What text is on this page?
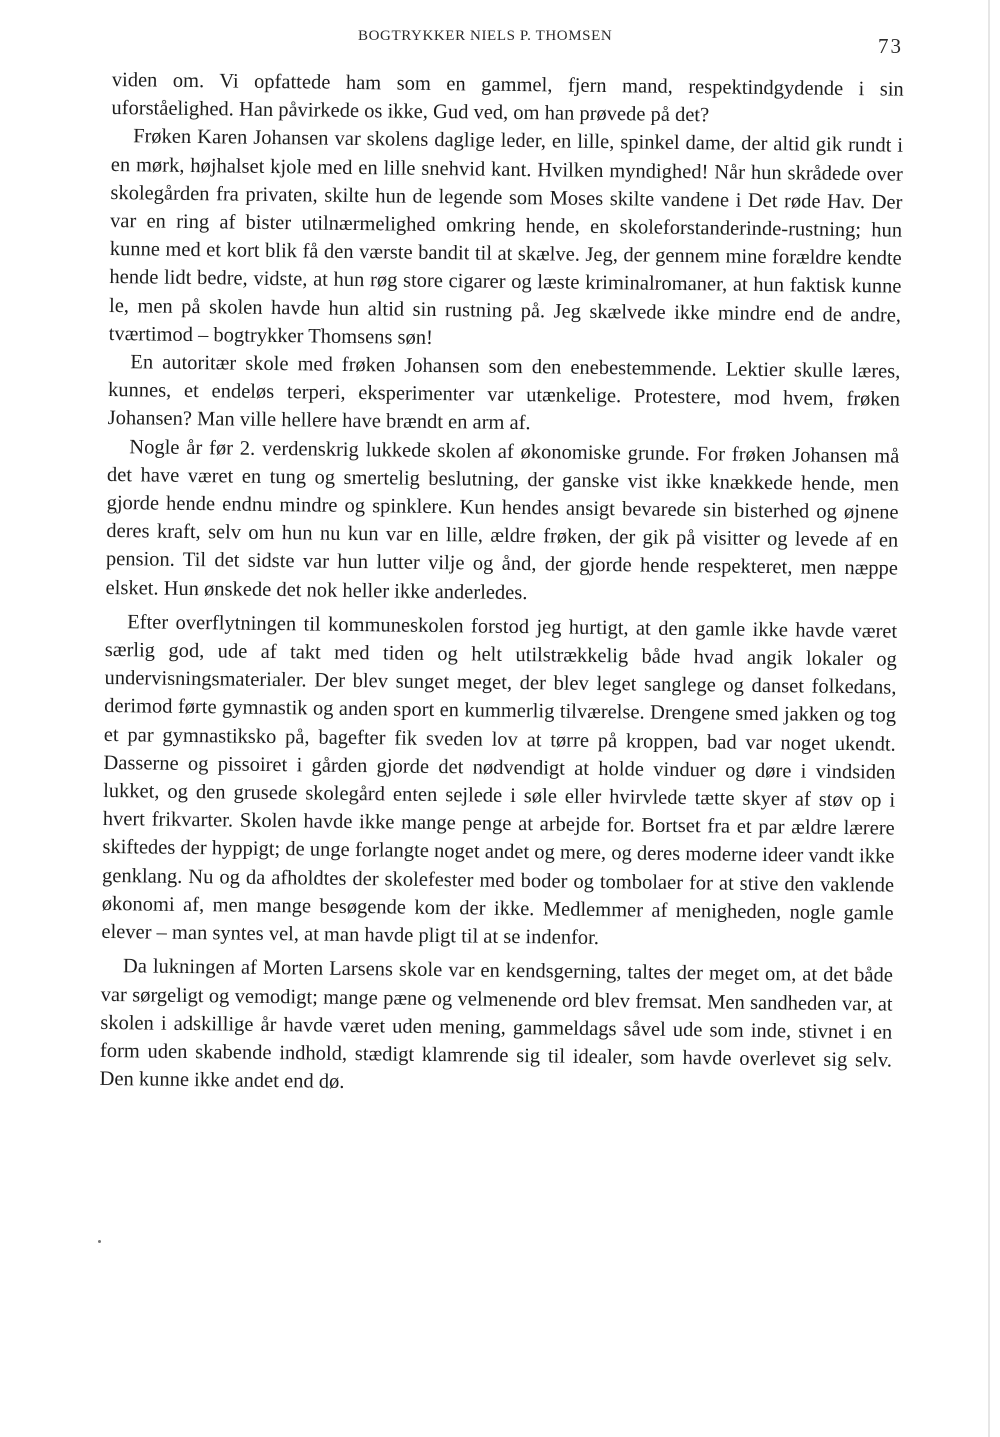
BOGTRYKKER NIELS P. THOMSEN	73

viden om. Vi opfattede ham som en gammel, fjern mand, respektindgydende i sin uforståelighed. Han påvirkede os ikke, Gud ved, om han prøvede på det?

Frøken Karen Johansen var skolens daglige leder, en lille, spinkel dame, der altid gik rundt i en mørk, højhalset kjole med en lille snehvid kant. Hvilken myndighed! Når hun skrådede over skolegården fra privaten, skilte hun de legende som Moses skilte vandene i Det røde Hav. Der var en ring af bister utilnærmelighed omkring hende, en skoleforstanderinde-rustning; hun kunne med et kort blik få den værste bandit til at skælve. Jeg, der gennem mine forældre kendte hende lidt bedre, vidste, at hun røg store cigarer og læste kriminalromaner, at hun faktisk kunne le, men på skolen havde hun altid sin rustning på. Jeg skælvede ikke mindre end de andre, tværtimod – bogtrykker Thomsens søn!

En autoritær skole med frøken Johansen som den enebestemmende. Lektier skulle læres, kunnes, et endeløs terperi, eksperimenter var utænkelige. Protestere, mod hvem, frøken Johansen? Man ville hellere have brændt en arm af.

Nogle år før 2. verdenskrig lukkede skolen af økonomiske grunde. For frøken Johansen må det have været en tung og smertelig beslutning, der ganske vist ikke knækkede hende, men gjorde hende endnu mindre og spinklere. Kun hendes ansigt bevarede sin bisterhed og øjnene deres kraft, selv om hun nu kun var en lille, ældre frøken, der gik på visitter og levede af en pension. Til det sidste var hun lutter vilje og ånd, der gjorde hende respekteret, men næppe elsket. Hun ønskede det nok heller ikke anderledes.

Efter overflytningen til kommuneskolen forstod jeg hurtigt, at den gamle ikke havde været særlig god, ude af takt med tiden og helt utilstrækkelig både hvad angik lokaler og undervisningsmaterialer. Der blev sunget meget, der blev leget sanglege og danset folkedans, derimod førte gymnastik og anden sport en kummerlig tilværelse. Drengene smed jakken og tog et par gymnastiksko på, bagefter fik sveden lov at tørre på kroppen, bad var noget ukendt. Dasserne og pissoiret i gården gjorde det nødvendigt at holde vinduer og døre i vindsiden lukket, og den grusede skolegård enten sejlede i søle eller hvirvlede tætte skyer af støv op i hvert frikvarter. Skolen havde ikke mange penge at arbejde for. Bortset fra et par ældre lærere skiftedes der hyppigt; de unge forlangte noget andet og mere, og deres moderne ideer vandt ikke genklang. Nu og da afholdtes der skolefester med boder og tombolaer for at stive den vaklende økonomi af, men mange besøgende kom der ikke. Medlemmer af menigheden, nogle gamle elever – man syntes vel, at man havde pligt til at se indenfor.

Da lukningen af Morten Larsens skole var en kendsgerning, taltes der meget om, at det både var sørgeligt og vemodigt; mange pæne og velmenende ord blev fremsat. Men sandheden var, at skolen i adskillige år havde været uden mening, gammeldags såvel ude som inde, stivnet i en form uden skabende indhold, stædigt klamrende sig til idealer, som havde overlevet sig selv. Den kunne ikke andet end dø.
